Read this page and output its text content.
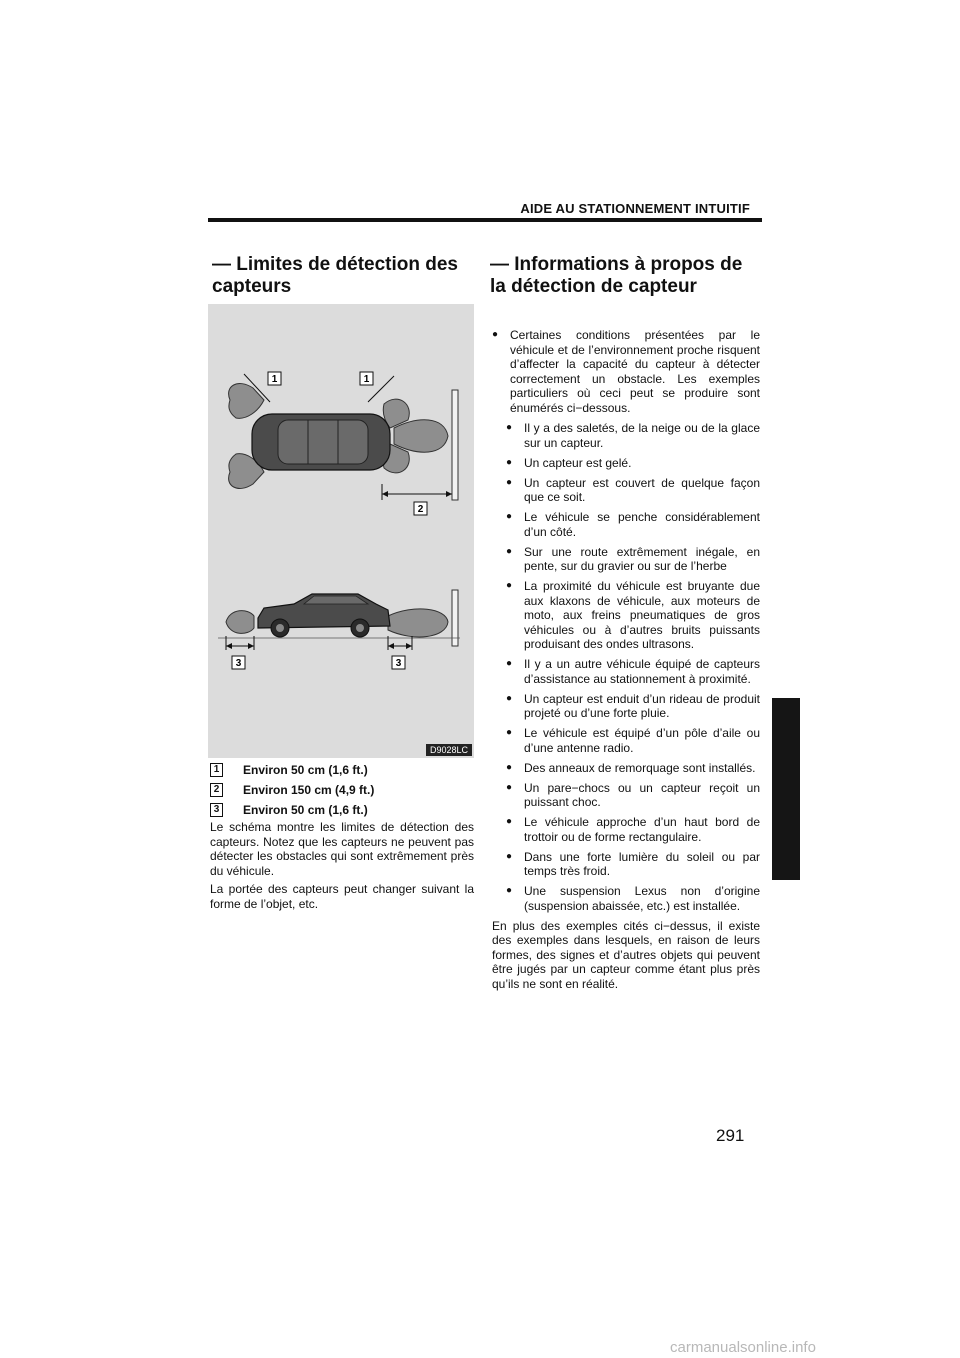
AIDE AU STATIONNEMENT INTUITIF
— Limites de détection des capteurs
— Informations à propos de la détection de capteur
1	1
2
3	3
D9028LC
1	Environ 50 cm (1,6 ft.)
2	Environ 150 cm (4,9 ft.)
3	Environ 50 cm (1,6 ft.)
Le schéma montre les limites de détection des capteurs. Notez que les capteurs ne peuvent pas détecter les obstacles qui sont extrêmement près du véhicule.
La portée des capteurs peut changer suivant la forme de l’objet, etc.
● Certaines conditions présentées par le véhicule et de l’environnement proche risquent d’affecter la capacité du capteur à détecter correctement un obstacle. Les exemples particuliers où ceci peut se produire sont énumérés ci−dessous.
● Il y a des saletés, de la neige ou de la glace sur un capteur.
● Un capteur est gelé.
● Un capteur est couvert de quelque façon que ce soit.
● Le véhicule se penche considérablement d’un côté.
● Sur une route extrêmement inégale, en pente, sur du gravier ou sur de l’herbe
● La proximité du véhicule est bruyante due aux klaxons de véhicule, aux moteurs de moto, aux freins pneumatiques de gros véhicules ou à d’autres bruits puissants produisant des ondes ultrasons.
● Il y a un autre véhicule équipé de capteurs d’assistance au stationnement à proximité.
● Un capteur est enduit d’un rideau de produit projeté ou d’une forte pluie.
● Le véhicule est équipé d’un pôle d’aile ou d’une antenne radio.
● Des anneaux de remorquage sont installés.
● Un pare−chocs ou un capteur reçoit un puissant choc.
● Le véhicule approche d’un haut bord de trottoir ou de forme rectangulaire.
● Dans une forte lumière du soleil ou par temps très froid.
● Une suspension Lexus non d’origine (suspension abaissée, etc.) est installée.
En plus des exemples cités ci−dessus, il existe des exemples dans lesquels, en raison de leurs formes, des signes et d’autres objets qui peuvent être jugés par un capteur comme étant plus près qu’ils ne sont en réalité.
291
carmanualsonline.info
